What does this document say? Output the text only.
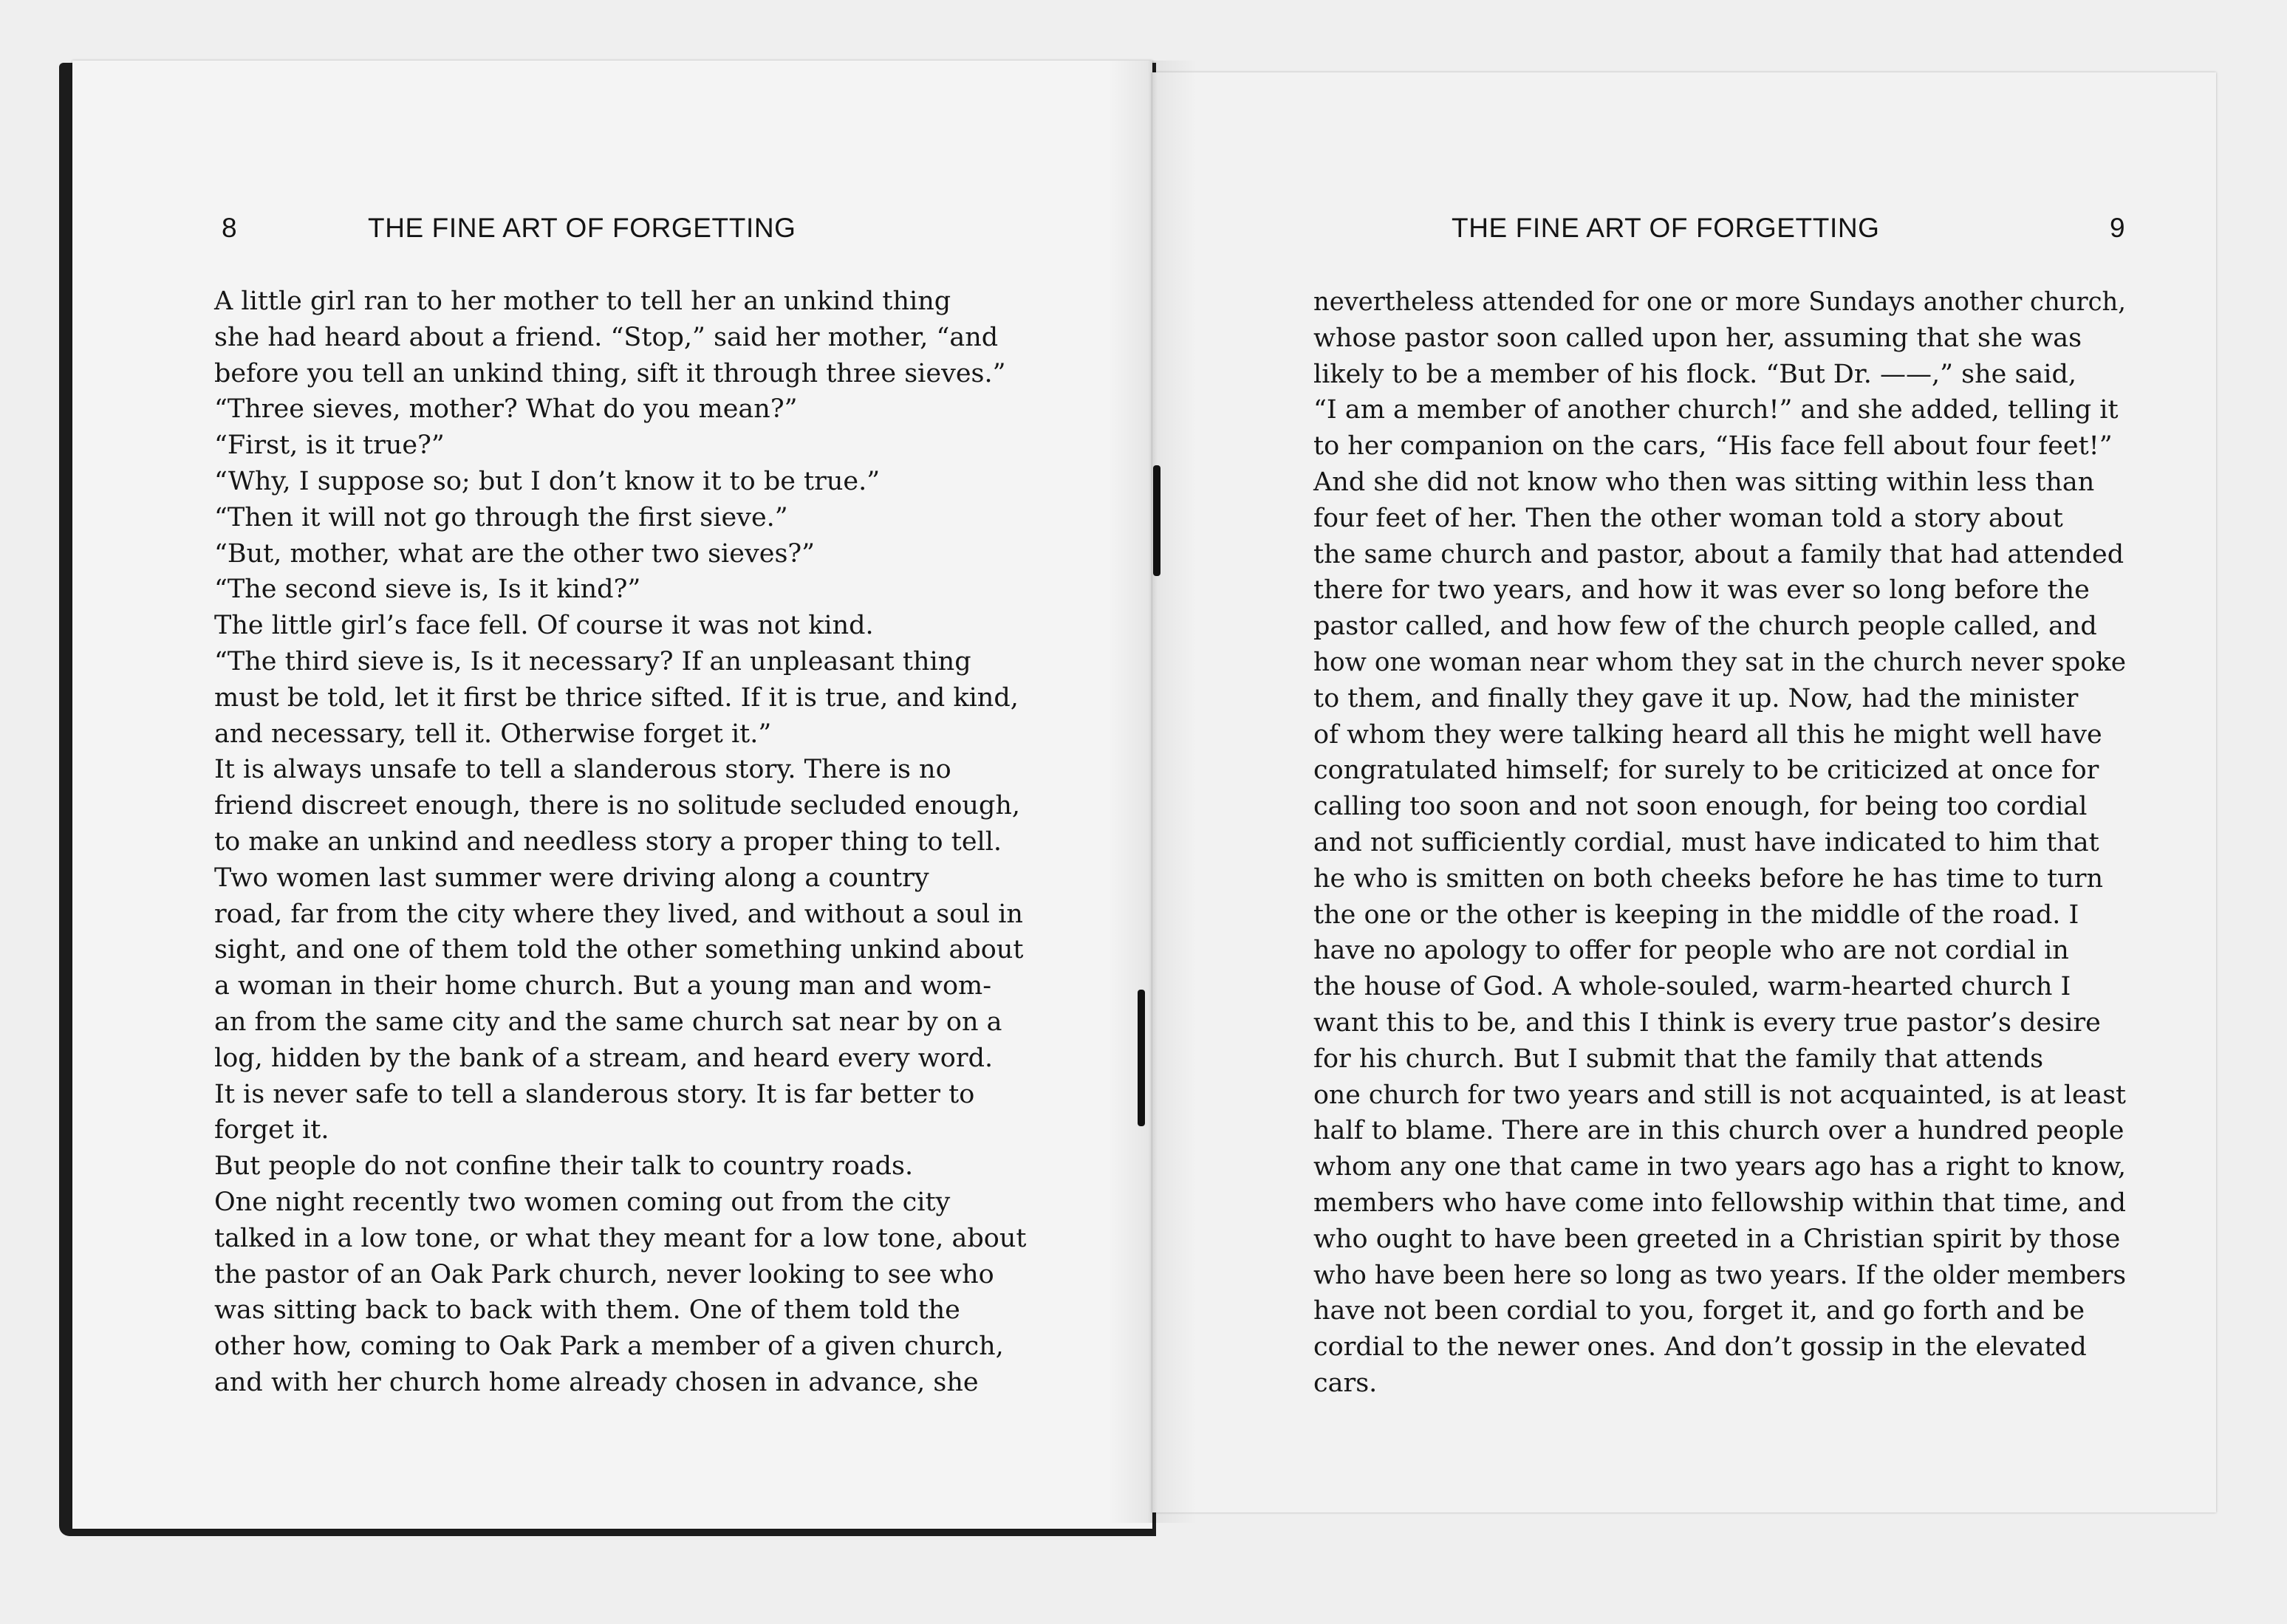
8	THE FINE ART OF FORGETTING	THE FINE ART OF FORGETTING	9
A little girl ran to her mother to tell her an unkind thing
she had heard about a friend. “Stop,” said her mother, “and
before you tell an unkind thing, sift it through three sieves.”
“Three sieves, mother? What do you mean?”
“First, is it true?”
“Why, I suppose so; but I don’t know it to be true.”
“Then it will not go through the first sieve.”
“But, mother, what are the other two sieves?”
“The second sieve is, Is it kind?”
The little girl’s face fell. Of course it was not kind.
“The third sieve is, Is it necessary? If an unpleasant thing
must be told, let it first be thrice sifted. If it is true, and kind,
and necessary, tell it. Otherwise forget it.”
It is always unsafe to tell a slanderous story. There is no
friend discreet enough, there is no solitude secluded enough,
to make an unkind and needless story a proper thing to tell.
Two women last summer were driving along a country
road, far from the city where they lived, and without a soul in
sight, and one of them told the other something unkind about
a woman in their home church. But a young man and wom-
an from the same city and the same church sat near by on a
log, hidden by the bank of a stream, and heard every word.
It is never safe to tell a slanderous story. It is far better to
forget it.
But people do not confine their talk to country roads.
One night recently two women coming out from the city
talked in a low tone, or what they meant for a low tone, about
the pastor of an Oak Park church, never looking to see who
was sitting back to back with them. One of them told the
other how, coming to Oak Park a member of a given church,
and with her church home already chosen in advance, she
nevertheless attended for one or more Sundays another church,
whose pastor soon called upon her, assuming that she was
likely to be a member of his flock. “But Dr. ——,” she said,
“I am a member of another church!” and she added, telling it
to her companion on the cars, “His face fell about four feet!”
And she did not know who then was sitting within less than
four feet of her. Then the other woman told a story about
the same church and pastor, about a family that had attended
there for two years, and how it was ever so long before the
pastor called, and how few of the church people called, and
how one woman near whom they sat in the church never spoke
to them, and finally they gave it up. Now, had the minister
of whom they were talking heard all this he might well have
congratulated himself; for surely to be criticized at once for
calling too soon and not soon enough, for being too cordial
and not sufficiently cordial, must have indicated to him that
he who is smitten on both cheeks before he has time to turn
the one or the other is keeping in the middle of the road. I
have no apology to offer for people who are not cordial in
the house of God. A whole-souled, warm-hearted church I
want this to be, and this I think is every true pastor’s desire
for his church. But I submit that the family that attends
one church for two years and still is not acquainted, is at least
half to blame. There are in this church over a hundred people
whom any one that came in two years ago has a right to know,
members who have come into fellowship within that time, and
who ought to have been greeted in a Christian spirit by those
who have been here so long as two years. If the older members
have not been cordial to you, forget it, and go forth and be
cordial to the newer ones. And don’t gossip in the elevated
cars.
